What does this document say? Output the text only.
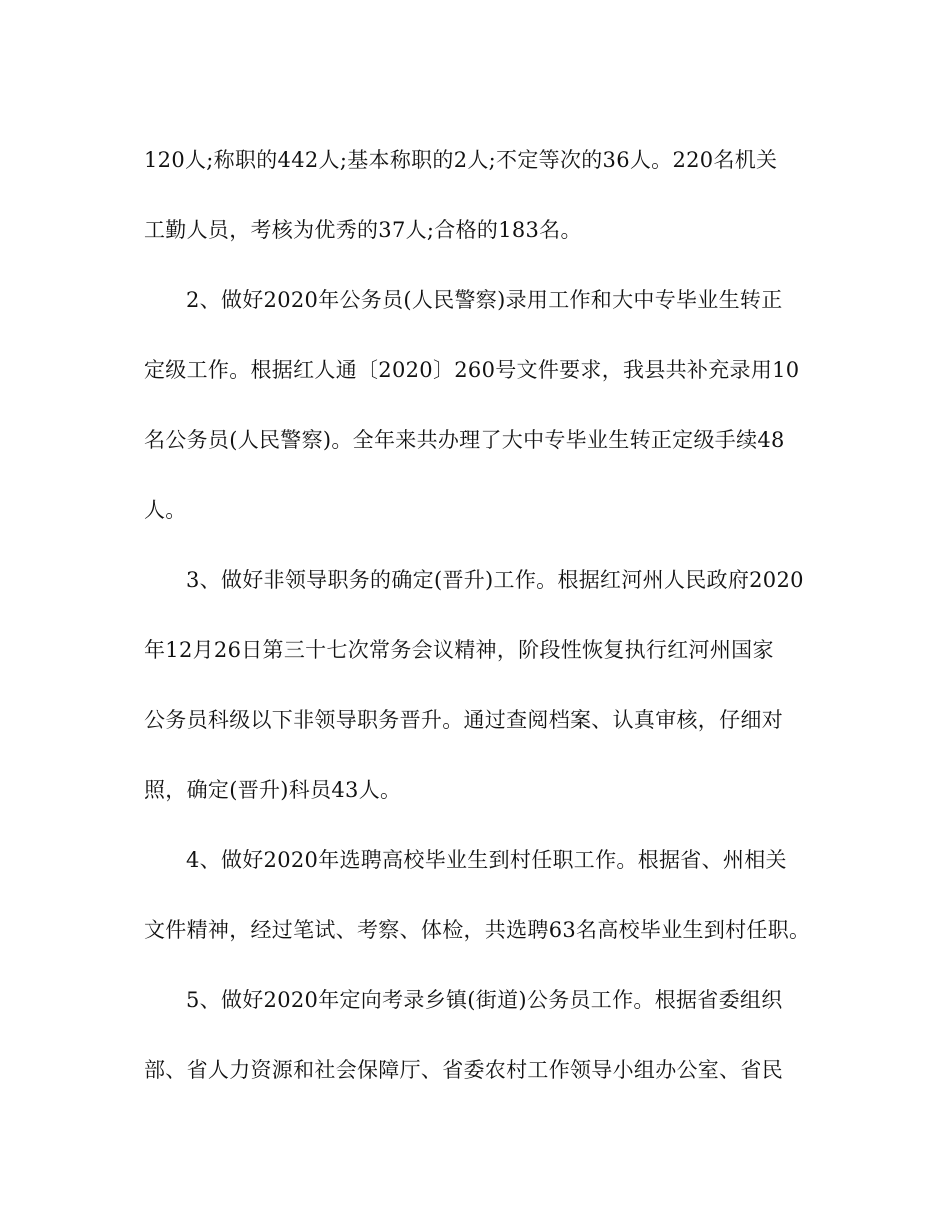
120人;称职的442人;基本称职的2人;不定等次的36人。220名机关
工勤人员，考核为优秀的37人;合格的183名。
2、做好2020年公务员(人民警察)录用工作和大中专毕业生转正
定级工作。根据红人通〔2020〕260号文件要求，我县共补充录用10
名公务员(人民警察)。全年来共办理了大中专毕业生转正定级手续48
人。
3、做好非领导职务的确定(晋升)工作。根据红河州人民政府2020
年12月26日第三十七次常务会议精神，阶段性恢复执行红河州国家
公务员科级以下非领导职务晋升。通过查阅档案、认真审核，仔细对
照，确定(晋升)科员43人。
4、做好2020年选聘高校毕业生到村任职工作。根据省、州相关
文件精神，经过笔试、考察、体检，共选聘63名高校毕业生到村任职。
5、做好2020年定向考录乡镇(街道)公务员工作。根据省委组织
部、省人力资源和社会保障厅、省委农村工作领导小组办公室、省民
